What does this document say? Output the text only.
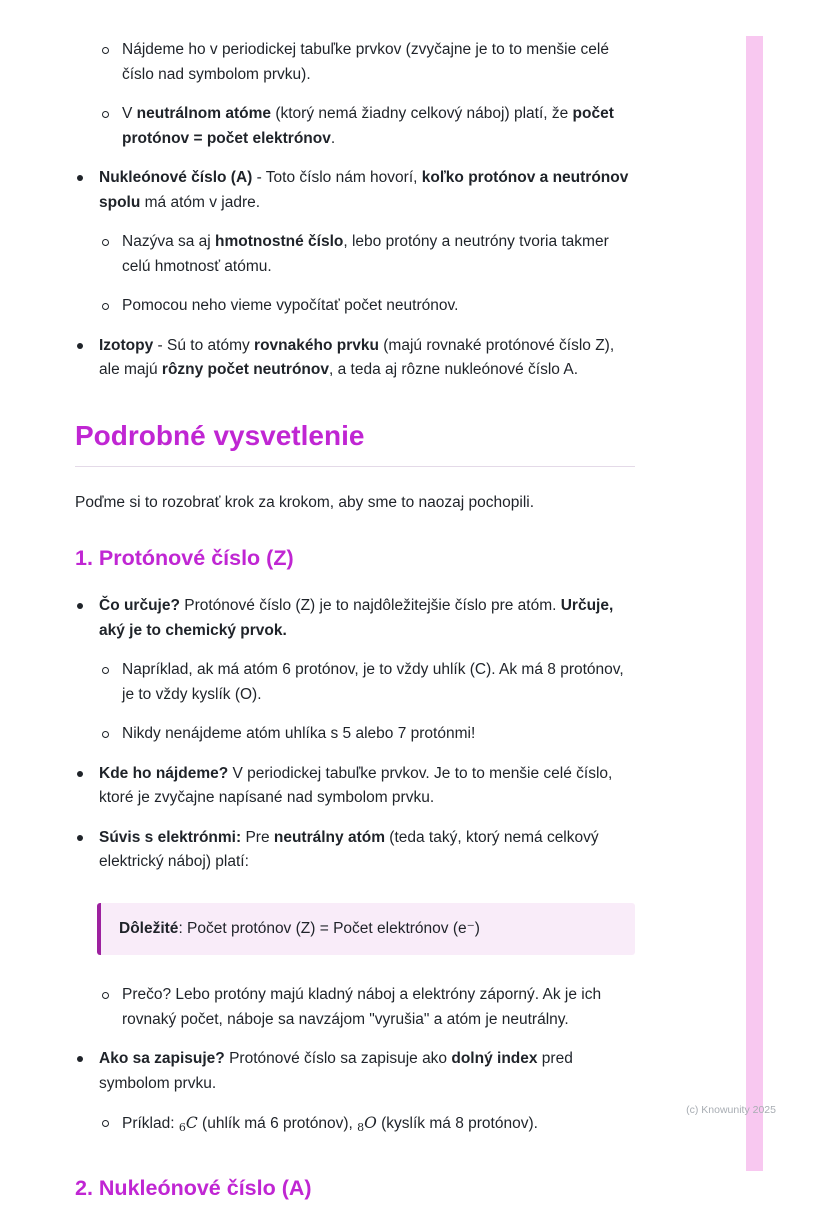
Nájdeme ho v periodickej tabuľke prvkov (zvyčajne je to to menšie celé číslo nad symbolom prvku).
V neutrálnom atóme (ktorý nemá žiadny celkový náboj) platí, že počet protónov = počet elektrónov.
Nukleónové číslo (A) - Toto číslo nám hovorí, koľko protónov a neutrónov spolu má atóm v jadre.
Nazýva sa aj hmotnostné číslo, lebo protóny a neutróny tvoria takmer celú hmotnosť atómu.
Pomocou neho vieme vypočítať počet neutrónov.
Izotopy - Sú to atómy rovnakého prvku (majú rovnaké protónové číslo Z), ale majú rôzny počet neutrónov, a teda aj rôzne nukleónové číslo A.
Podrobné vysvetlenie

Poďme si to rozobrať krok za krokom, aby sme to naozaj pochopili.

1. Protónové číslo (Z)
Čo určuje? Protónové číslo (Z) je to najdôležitejšie číslo pre atóm. Určuje, aký je to chemický prvok.
Napríklad, ak má atóm 6 protónov, je to vždy uhlík (C). Ak má 8 protónov, je to vždy kyslík (O).
Nikdy nenájdeme atóm uhlíka s 5 alebo 7 protónmi!
Kde ho nájdeme? V periodickej tabuľke prvkov. Je to to menšie celé číslo, ktoré je zvyčajne napísané nad symbolom prvku.
Súvis s elektrónmi: Pre neutrálny atóm (teda taký, ktorý nemá celkový elektrický náboj) platí:
Dôležité: Počet protónov (Z) = Počet elektrónov (e⁻)
Prečo? Lebo protóny majú kladný náboj a elektróny záporný. Ak je ich rovnaký počet, náboje sa navzájom "vyrušia" a atóm je neutrálny.
Ako sa zapisuje? Protónové číslo sa zapisuje ako dolný index pred symbolom prvku.
Príklad: 6C (uhlík má 6 protónov), 8O (kyslík má 8 protónov).
2. Nukleónové číslo (A)
(c) Knowunity 2025
